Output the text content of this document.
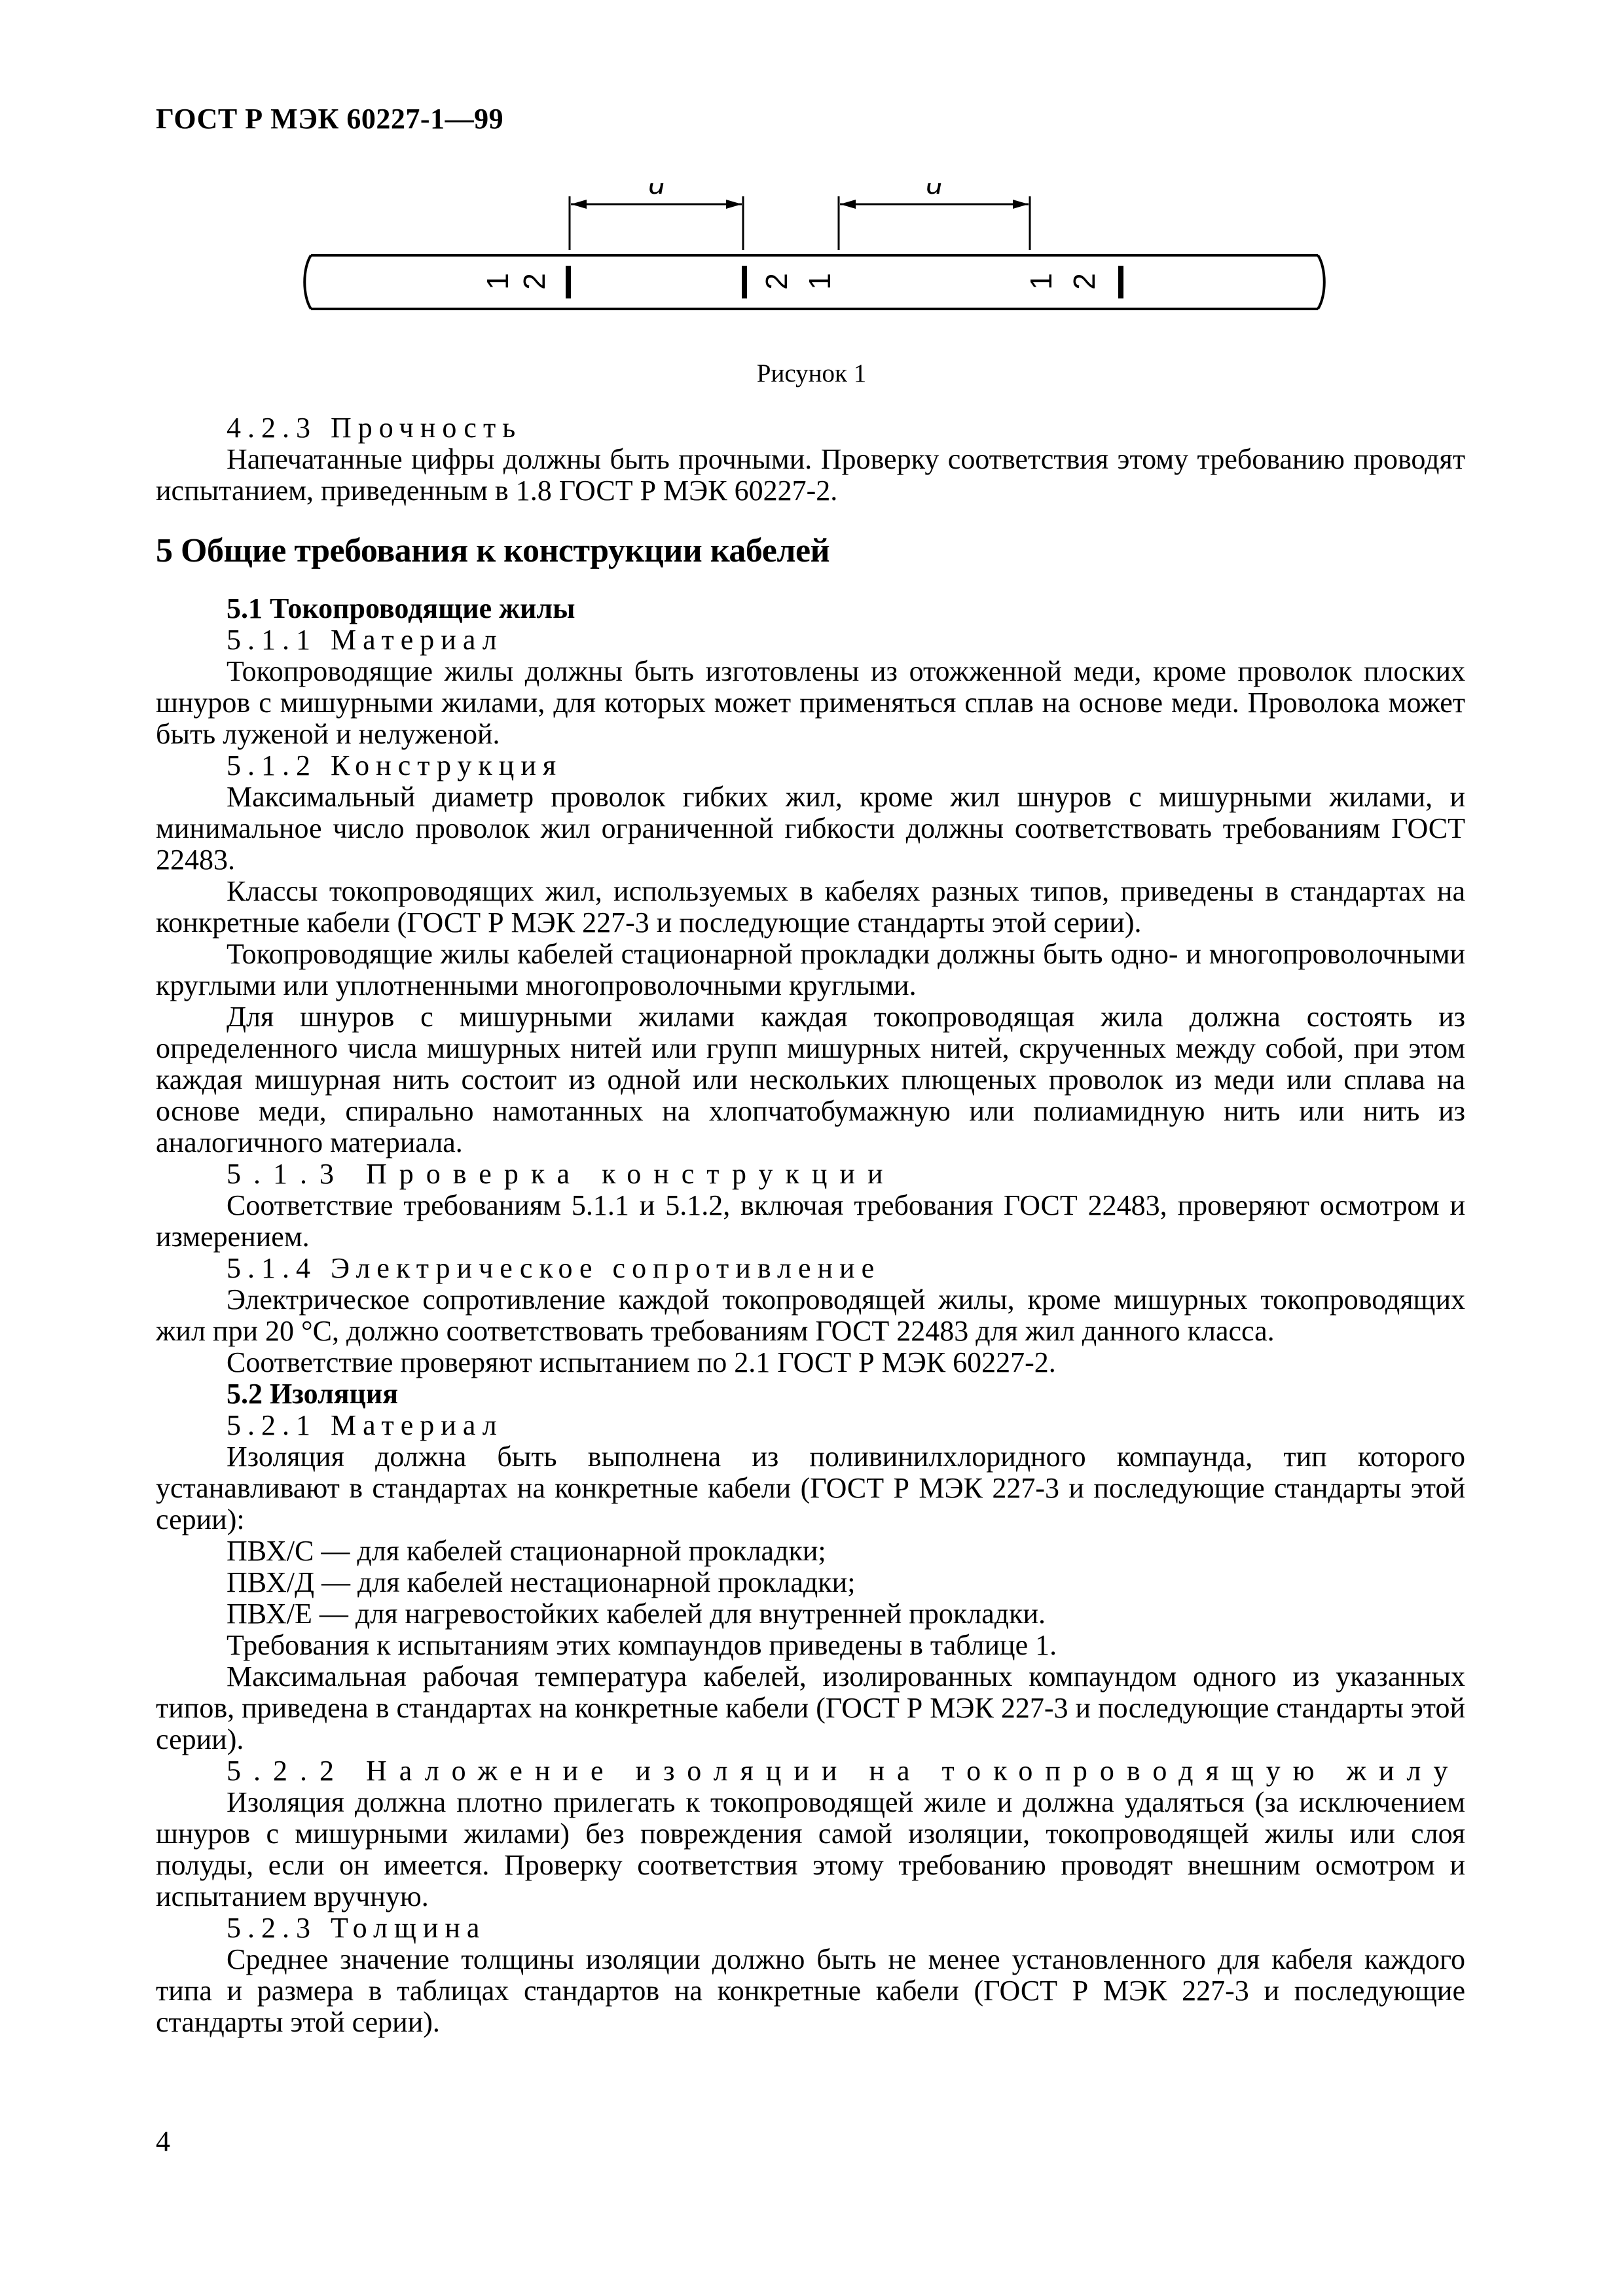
ГОСТ Р МЭК 60227-1—99
d	d
1 2	2 1	1 2
Рисунок 1

4.2.3 Прочность

Напечатанные цифры должны быть прочными. Проверку соответствия этому требованию проводят испытанием, приведенным в 1.8 ГОСТ Р МЭК 60227-2.

5 Общие требования к конструкции кабелей

5.1 Токопроводящие жилы

5.1.1 Материал

Токопроводящие жилы должны быть изготовлены из отожженной меди, кроме проволок плоских шнуров с мишурными жилами, для которых может применяться сплав на основе меди. Проволока может быть луженой и нелуженой.

5.1.2 Конструкция

Максимальный диаметр проволок гибких жил, кроме жил шнуров с мишурными жилами, и минимальное число проволок жил ограниченной гибкости должны соответствовать требованиям ГОСТ 22483.

Классы токопроводящих жил, используемых в кабелях разных типов, приведены в стандартах на конкретные кабели (ГОСТ Р МЭК 227-3 и последующие стандарты этой серии).

Токопроводящие жилы кабелей стационарной прокладки должны быть одно- и многопроволочными круглыми или уплотненными многопроволочными круглыми.

Для шнуров с мишурными жилами каждая токопроводящая жила должна состоять из определенного числа мишурных нитей или групп мишурных нитей, скрученных между собой, при этом каждая мишурная нить состоит из одной или нескольких плющеных проволок из меди или сплава на основе меди, спирально намотанных на хлопчатобумажную или полиамидную нить или нить из аналогичного материала.

5.1.3 Проверка конструкции

Соответствие требованиям 5.1.1 и 5.1.2, включая требования ГОСТ 22483, проверяют осмотром и измерением.

5.1.4 Электрическое сопротивление

Электрическое сопротивление каждой токопроводящей жилы, кроме мишурных токопроводящих жил при 20 °С, должно соответствовать требованиям ГОСТ 22483 для жил данного класса.

Соответствие проверяют испытанием по 2.1 ГОСТ Р МЭК 60227-2.

5.2 Изоляция

5.2.1 Материал

Изоляция должна быть выполнена из поливинилхлоридного компаунда, тип которого устанавливают в стандартах на конкретные кабели (ГОСТ Р МЭК 227-3 и последующие стандарты этой серии):

ПВХ/С — для кабелей стационарной прокладки;

ПВХ/Д — для кабелей нестационарной прокладки;

ПВХ/Е — для нагревостойких кабелей для внутренней прокладки.

Требования к испытаниям этих компаундов приведены в таблице 1.

Максимальная рабочая температура кабелей, изолированных компаундом одного из указанных типов, приведена в стандартах на конкретные кабели (ГОСТ Р МЭК 227-3 и последующие стандарты этой серии).

5.2.2 Наложение изоляции на токопроводящую жилу

Изоляция должна плотно прилегать к токопроводящей жиле и должна удаляться (за исключением шнуров с мишурными жилами) без повреждения самой изоляции, токопроводящей жилы или слоя полуды, если он имеется. Проверку соответствия этому требованию проводят внешним осмотром и испытанием вручную.

5.2.3 Толщина

Среднее значение толщины изоляции должно быть не менее установленного для кабеля каждого типа и размера в таблицах стандартов на конкретные кабели (ГОСТ Р МЭК 227-3 и последующие стандарты этой серии).

4
